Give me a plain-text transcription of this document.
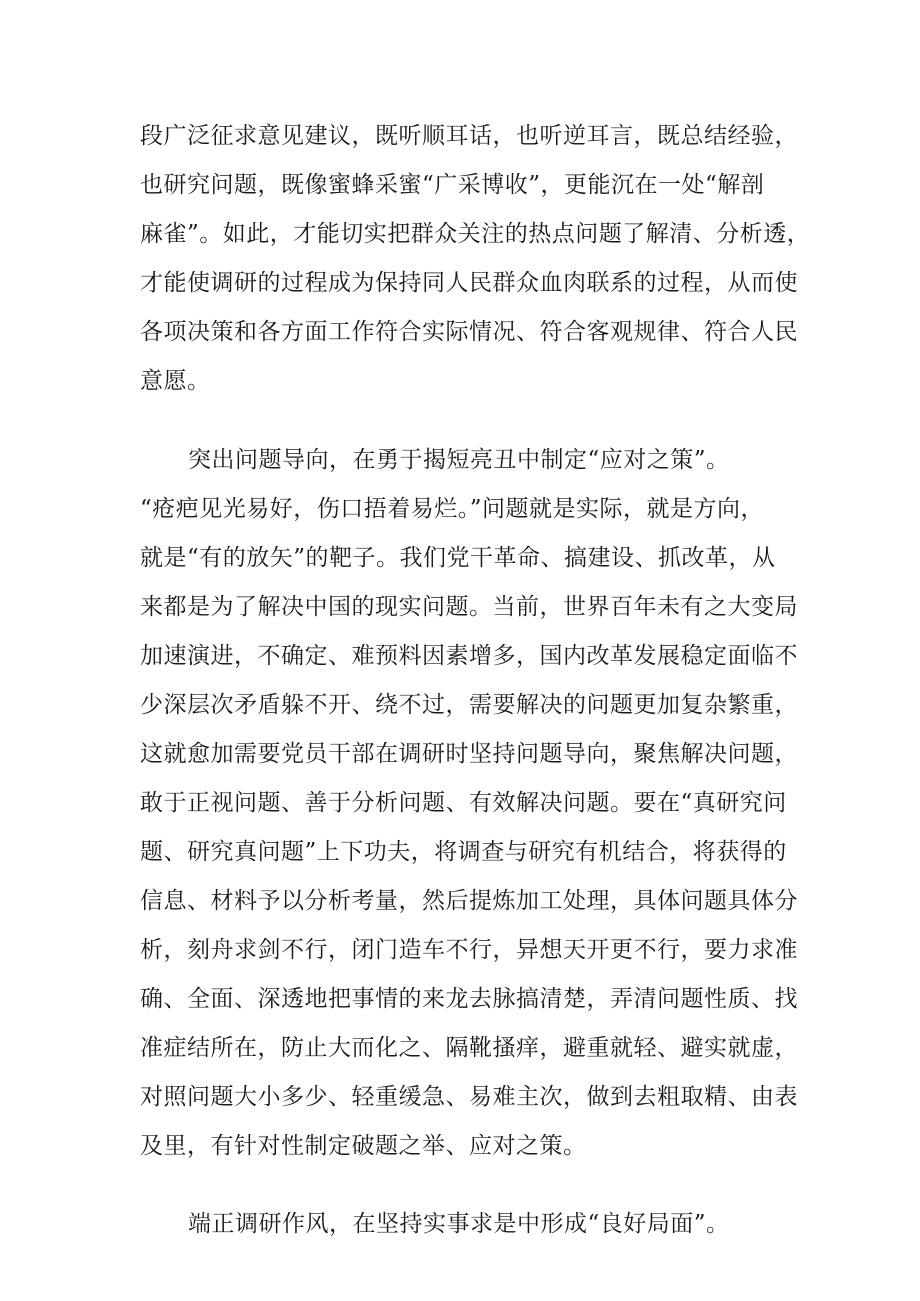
段广泛征求意见建议，既听顺耳话，也听逆耳言，既总结经验，
也研究问题，既像蜜蜂采蜜“广采博收”，更能沉在一处“解剖
麻雀”。如此，才能切实把群众关注的热点问题了解清、分析透，
才能使调研的过程成为保持同人民群众血肉联系的过程，从而使
各项决策和各方面工作符合实际情况、符合客观规律、符合人民
意愿。
突出问题导向，在勇于揭短亮丑中制定“应对之策”。
“疮疤见光易好，伤口捂着易烂。”问题就是实际，就是方向，
就是“有的放矢”的靶子。我们党干革命、搞建设、抓改革，从
来都是为了解决中国的现实问题。当前，世界百年未有之大变局
加速演进，不确定、难预料因素增多，国内改革发展稳定面临不
少深层次矛盾躲不开、绕不过，需要解决的问题更加复杂繁重，
这就愈加需要党员干部在调研时坚持问题导向，聚焦解决问题，
敢于正视问题、善于分析问题、有效解决问题。要在“真研究问
题、研究真问题”上下功夫，将调查与研究有机结合，将获得的
信息、材料予以分析考量，然后提炼加工处理，具体问题具体分
析，刻舟求剑不行，闭门造车不行，异想天开更不行，要力求准
确、全面、深透地把事情的来龙去脉搞清楚，弄清问题性质、找
准症结所在，防止大而化之、隔靴搔痒，避重就轻、避实就虚，
对照问题大小多少、轻重缓急、易难主次，做到去粗取精、由表
及里，有针对性制定破题之举、应对之策。
端正调研作风，在坚持实事求是中形成“良好局面”。
